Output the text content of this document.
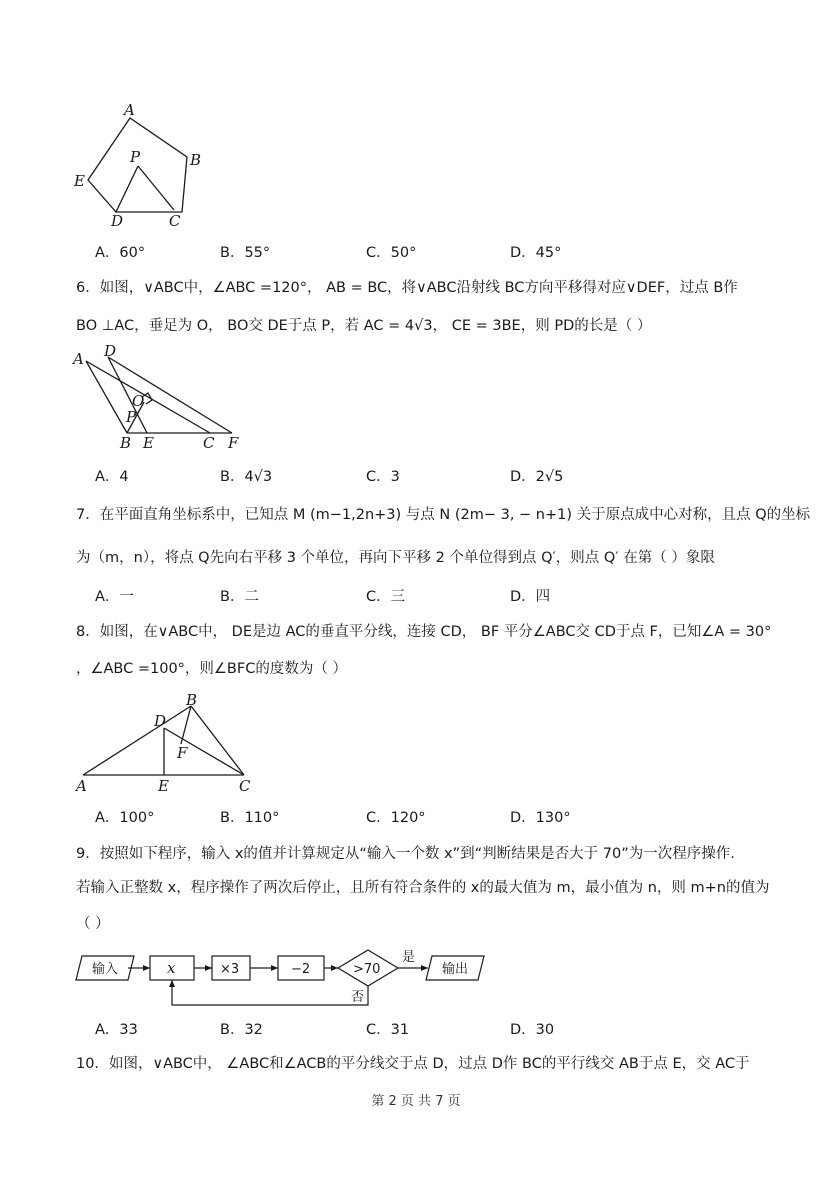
A
B
C
D
E
P
A．60°	B．55°	C．50°	D．45°
6．如图，∨ABC中，∠ABC =120°， AB = BC，将∨ABC沿射线 BC方向平移得对应∨DEF，过点 B作
BO ⊥AC，垂足为 O， BO交 DE于点 P，若 AC = 4√3， CE = 3BE，则 PD的长是（ ）
A D
O
P
B E	C F
A．4	B．4√3	C．3	D．2√5
7．在平面直角坐标系中，已知点 M (m−1,2n+3) 与点 N (2m− 3, − n+1) 关于原点成中心对称，且点 Q的坐标
为（m，n），将点 Q先向右平移 3 个单位，再向下平移 2 个单位得到点 Q′，则点 Q′ 在第（ ）象限
A．一	B．二	C．三	D．四
8．如图，在∨ABC中， DE是边 AC的垂直平分线，连接 CD， BF 平分∠ABC交 CD于点 F，已知∠A = 30°
，∠ABC =100°，则∠BFC的度数为（ ）
B
D
F
A	E	C
A．100°	B．110°	C．120°	D．130°
9．按照如下程序，输入 x的值并计算规定从“输入一个数 x”到“判断结果是否大于 70”为一次程序操作.
若输入正整数 x，程序操作了两次后停止，且所有符合条件的 x的最大值为 m，最小值为 n，则 m+n的值为
（ ）
输入	x	×3	−2	>70
是
否
输出
A．33	B．32	C．31	D．30
10．如图，∨ABC中， ∠ABC和∠ACB的平分线交于点 D，过点 D作 BC的平行线交 AB于点 E，交 AC于
第 2 页 共 7 页
